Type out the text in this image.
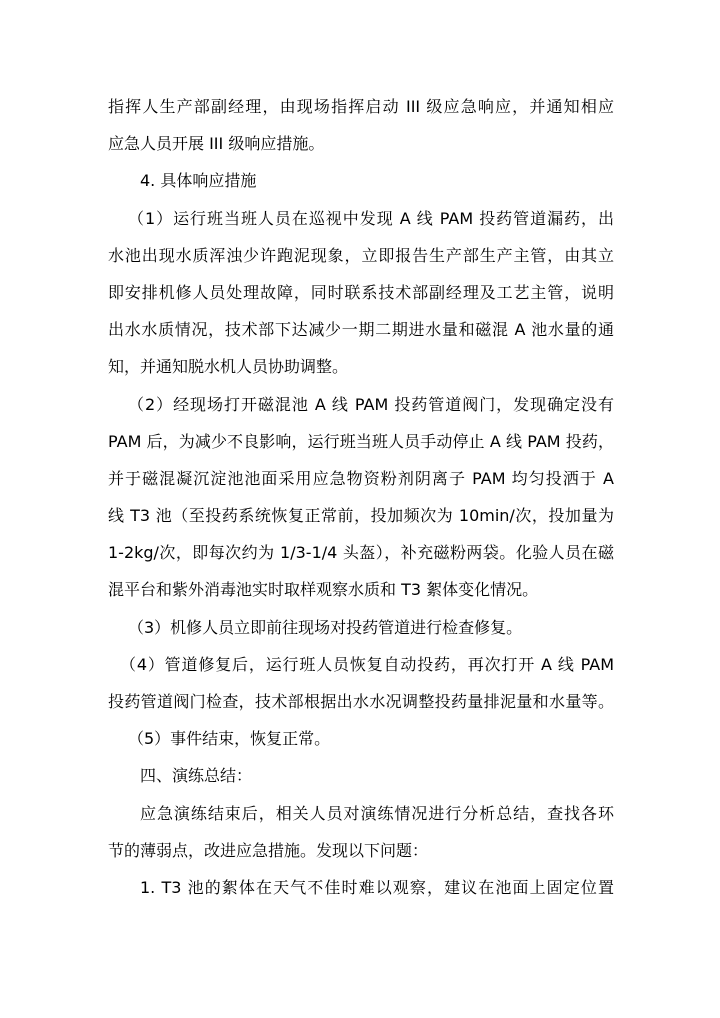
指挥人生产部副经理，由现场指挥启动 III 级应急响应，并通知相应
应急人员开展 III 级响应措施。
4. 具体响应措施
（1）运行班当班人员在巡视中发现 A 线 PAM 投药管道漏药，出
水池出现水质浑浊少许跑泥现象，立即报告生产部生产主管，由其立
即安排机修人员处理故障，同时联系技术部副经理及工艺主管，说明
出水水质情况，技术部下达减少一期二期进水量和磁混 A 池水量的通
知，并通知脱水机人员协助调整。
（2）经现场打开磁混池 A 线 PAM 投药管道阀门，发现确定没有
PAM 后，为减少不良影响，运行班当班人员手动停止 A 线 PAM 投药，
并于磁混凝沉淀池池面采用应急物资粉剂阴离子 PAM 均匀投洒于 A
线 T3 池（至投药系统恢复正常前，投加频次为 10min/次，投加量为
1-2kg/次，即每次约为 1/3-1/4 头盔），补充磁粉两袋。化验人员在磁
混平台和紫外消毒池实时取样观察水质和 T3 絮体变化情况。
（3）机修人员立即前往现场对投药管道进行检查修复。
（4）管道修复后，运行班人员恢复自动投药，再次打开 A 线 PAM
投药管道阀门检查，技术部根据出水水况调整投药量排泥量和水量等。
（5）事件结束，恢复正常。
四、演练总结：
应急演练结束后，相关人员对演练情况进行分析总结，查找各环
节的薄弱点，改进应急措施。发现以下问题：
1. T3 池的絮体在天气不佳时难以观察，建议在池面上固定位置
